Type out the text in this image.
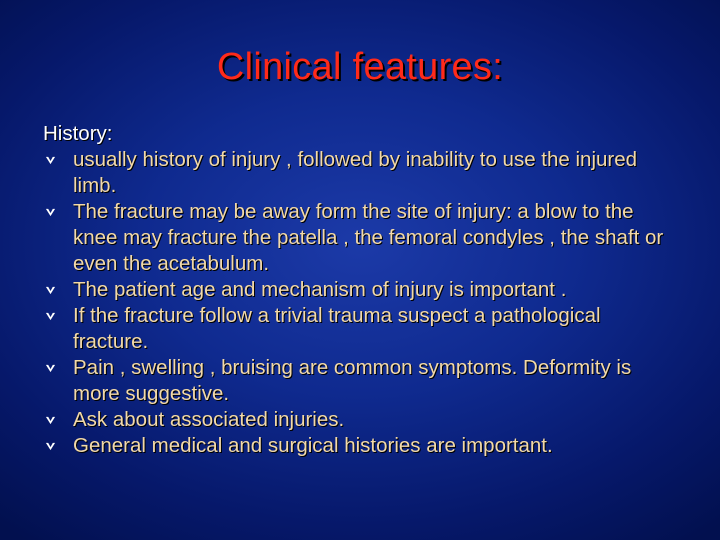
Clinical features:
History:
usually history of injury , followed by inability to use the injured limb.
The fracture may be away form the site of injury: a blow to the knee may fracture the patella , the femoral condyles , the shaft or even the acetabulum.
The patient age and mechanism of injury is important .
If the fracture follow a trivial trauma suspect a pathological fracture.
Pain , swelling , bruising are common symptoms. Deformity is more suggestive.
Ask about associated injuries.
General medical and surgical histories are important.
